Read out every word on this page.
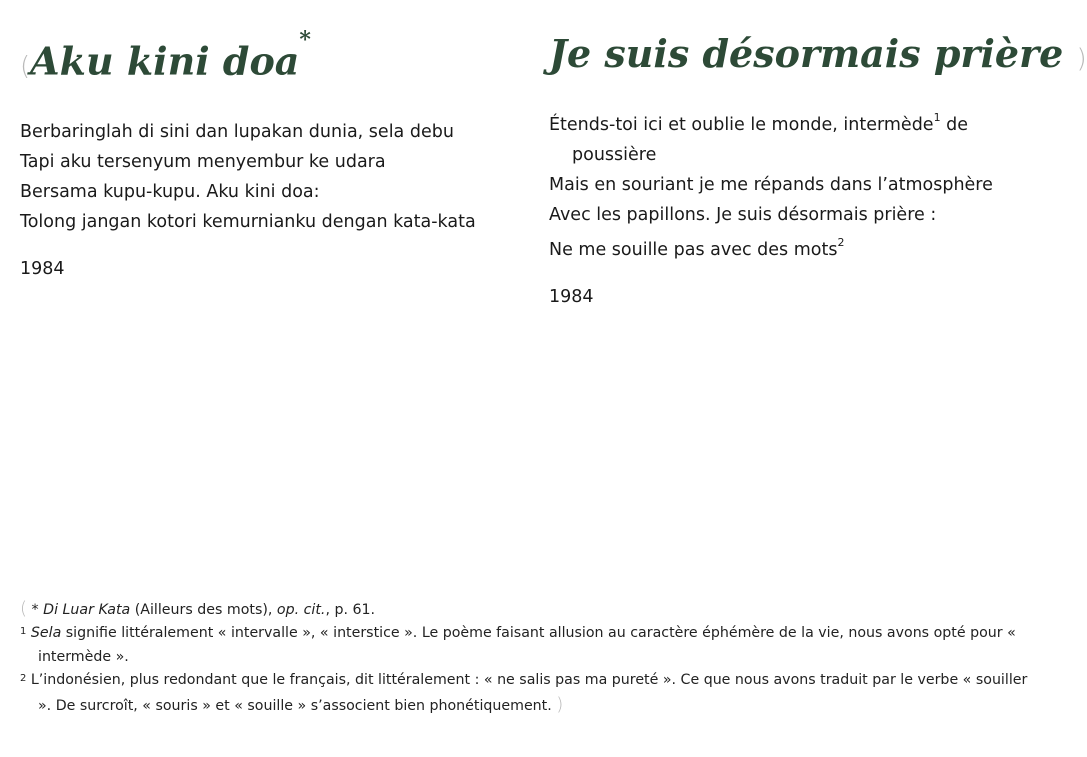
(Aku kini doa*
Berbaringlah di sini dan lupakan dunia, sela debu
Tapi aku tersenyum menyembur ke udara
Bersama kupu-kupu. Aku kini doa:
Tolong jangan kotori kemurnianku dengan kata-kata
1984
Je suis désormais prière )
Étends-toi ici et oublie le monde, intermède$^1$ de poussière
Mais en souriant je me répands dans l’atmosphère
Avec les papillons. Je suis désormais prière :
Ne me souille pas avec des mots$^2$
1984

( * Di Luar Kata (Ailleurs des mots), op. cit., p. 61.

$^1$ Sela signifie littéralement « intervalle », « interstice ». Le poème faisant allusion au caractère éphémère de la vie, nous avons opté pour « intermède ».

$^2$ L’indonésien, plus redondant que le français, dit littéralement : « ne salis pas ma pureté ». Ce que nous avons traduit par le verbe « souiller ». De surcroît, « souris » et « souille » s’associent bien phonétiquement. )
